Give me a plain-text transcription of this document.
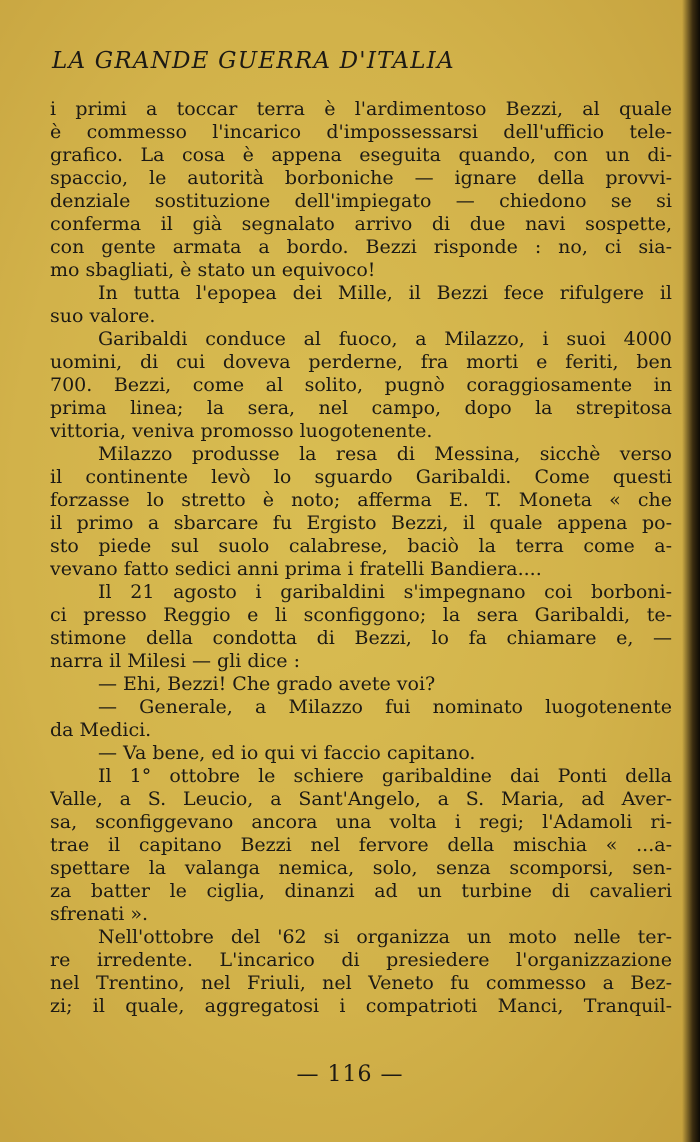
LA GRANDE GUERRA D'ITALIA
i primi a toccar terra è l'ardimentoso Bezzi, al quale
è commesso l'incarico d'impossessarsi dell'ufficio tele-
grafico. La cosa è appena eseguita quando, con un di-
spaccio, le autorità borboniche — ignare della provvi-
denziale sostituzione dell'impiegato — chiedono se si
conferma il già segnalato arrivo di due navi sospette,
con gente armata a bordo. Bezzi risponde : no, ci sia-
mo sbagliati, è stato un equivoco!
In tutta l'epopea dei Mille, il Bezzi fece rifulgere il
suo valore.
Garibaldi conduce al fuoco, a Milazzo, i suoi 4000
uomini, di cui doveva perderne, fra morti e feriti, ben
700. Bezzi, come al solito, pugnò coraggiosamente in
prima linea; la sera, nel campo, dopo la strepitosa
vittoria, veniva promosso luogotenente.
Milazzo produsse la resa di Messina, sicchè verso
il continente levò lo sguardo Garibaldi. Come questi
forzasse lo stretto è noto; afferma E. T. Moneta « che
il primo a sbarcare fu Ergisto Bezzi, il quale appena po-
sto piede sul suolo calabrese, baciò la terra come a-
vevano fatto sedici anni prima i fratelli Bandiera....
Il 21 agosto i garibaldini s'impegnano coi borboni-
ci presso Reggio e li sconfiggono; la sera Garibaldi, te-
stimone della condotta di Bezzi, lo fa chiamare e, —
narra il Milesi — gli dice :
— Ehi, Bezzi! Che grado avete voi?
— Generale, a Milazzo fui nominato luogotenente
da Medici.
— Va bene, ed io qui vi faccio capitano.
Il 1° ottobre le schiere garibaldine dai Ponti della
Valle, a S. Leucio, a Sant'Angelo, a S. Maria, ad Aver-
sa, sconfiggevano ancora una volta i regi; l'Adamoli ri-
trae il capitano Bezzi nel fervore della mischia « ...a-
spettare la valanga nemica, solo, senza scomporsi, sen-
za batter le ciglia, dinanzi ad un turbine di cavalieri
sfrenati ».
Nell'ottobre del '62 si organizza un moto nelle ter-
re irredente. L'incarico di presiedere l'organizzazione
nel Trentino, nel Friuli, nel Veneto fu commesso a Bez-
zi; il quale, aggregatosi i compatrioti Manci, Tranquil-
— 116 —
